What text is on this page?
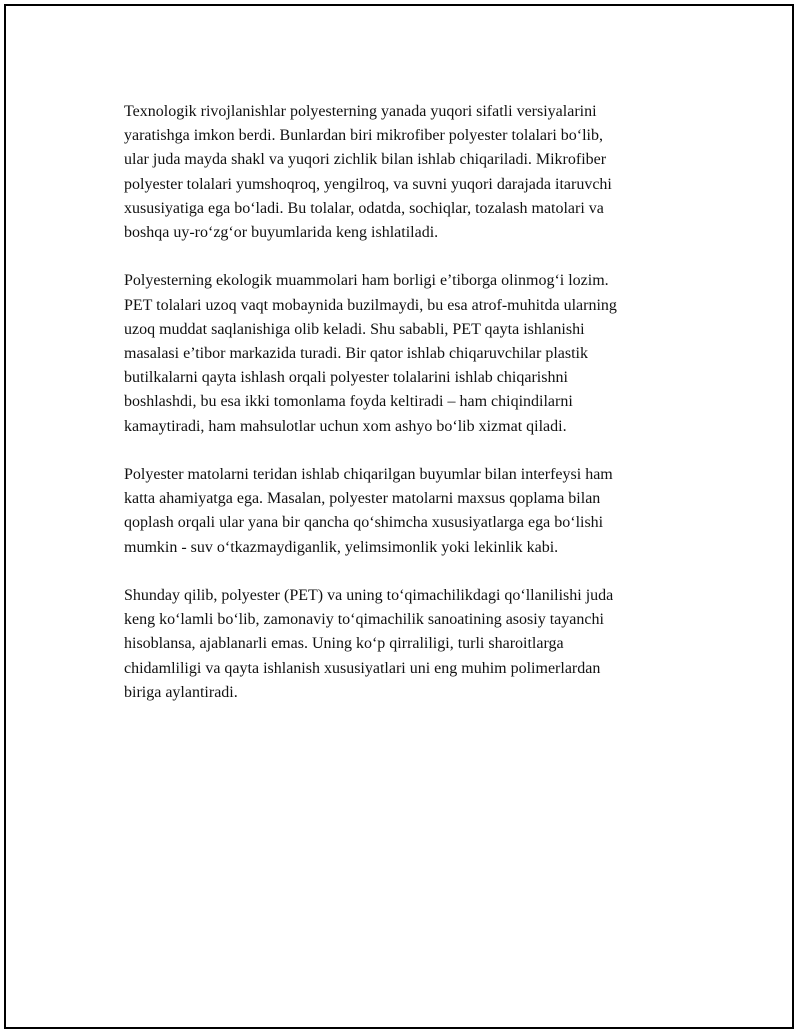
Texnologik rivojlanishlar polyesterning yanada yuqori sifatli versiyalarini
yaratishga imkon berdi. Bunlardan biri mikrofiber polyester tolalari bo‘lib,
ular juda mayda shakl va yuqori zichlik bilan ishlab chiqariladi. Mikrofiber
polyester tolalari yumshoqroq, yengilroq, va suvni yuqori darajada itaruvchi
xususiyatiga ega bo‘ladi. Bu tolalar, odatda, sochiqlar, tozalash matolari va
boshqa uy-ro‘zg‘or buyumlarida keng ishlatiladi.

Polyesterning ekologik muammolari ham borligi e’tiborga olinmog‘i lozim.
PET tolalari uzoq vaqt mobaynida buzilmaydi, bu esa atrof-muhitda ularning
uzoq muddat saqlanishiga olib keladi. Shu sababli, PET qayta ishlanishi
masalasi e’tibor markazida turadi. Bir qator ishlab chiqaruvchilar plastik
butilkalarni qayta ishlash orqali polyester tolalarini ishlab chiqarishni
boshlashdi, bu esa ikki tomonlama foyda keltiradi – ham chiqindilarni
kamaytiradi, ham mahsulotlar uchun xom ashyo bo‘lib xizmat qiladi.

Polyester matolarni teridan ishlab chiqarilgan buyumlar bilan interfeysi ham
katta ahamiyatga ega. Masalan, polyester matolarni maxsus qoplama bilan
qoplash orqali ular yana bir qancha qo‘shimcha xususiyatlarga ega bo‘lishi
mumkin - suv o‘tkazmaydiganlik, yelimsimonlik yoki lekinlik kabi.

Shunday qilib, polyester (PET) va uning to‘qimachilikdagi qo‘llanilishi juda
keng ko‘lamli bo‘lib, zamonaviy to‘qimachilik sanoatining asosiy tayanchi
hisoblansa, ajablanarli emas. Uning ko‘p qirraliligi, turli sharoitlarga
chidamliligi va qayta ishlanish xususiyatlari uni eng muhim polimerlardan
biriga aylantiradi.
